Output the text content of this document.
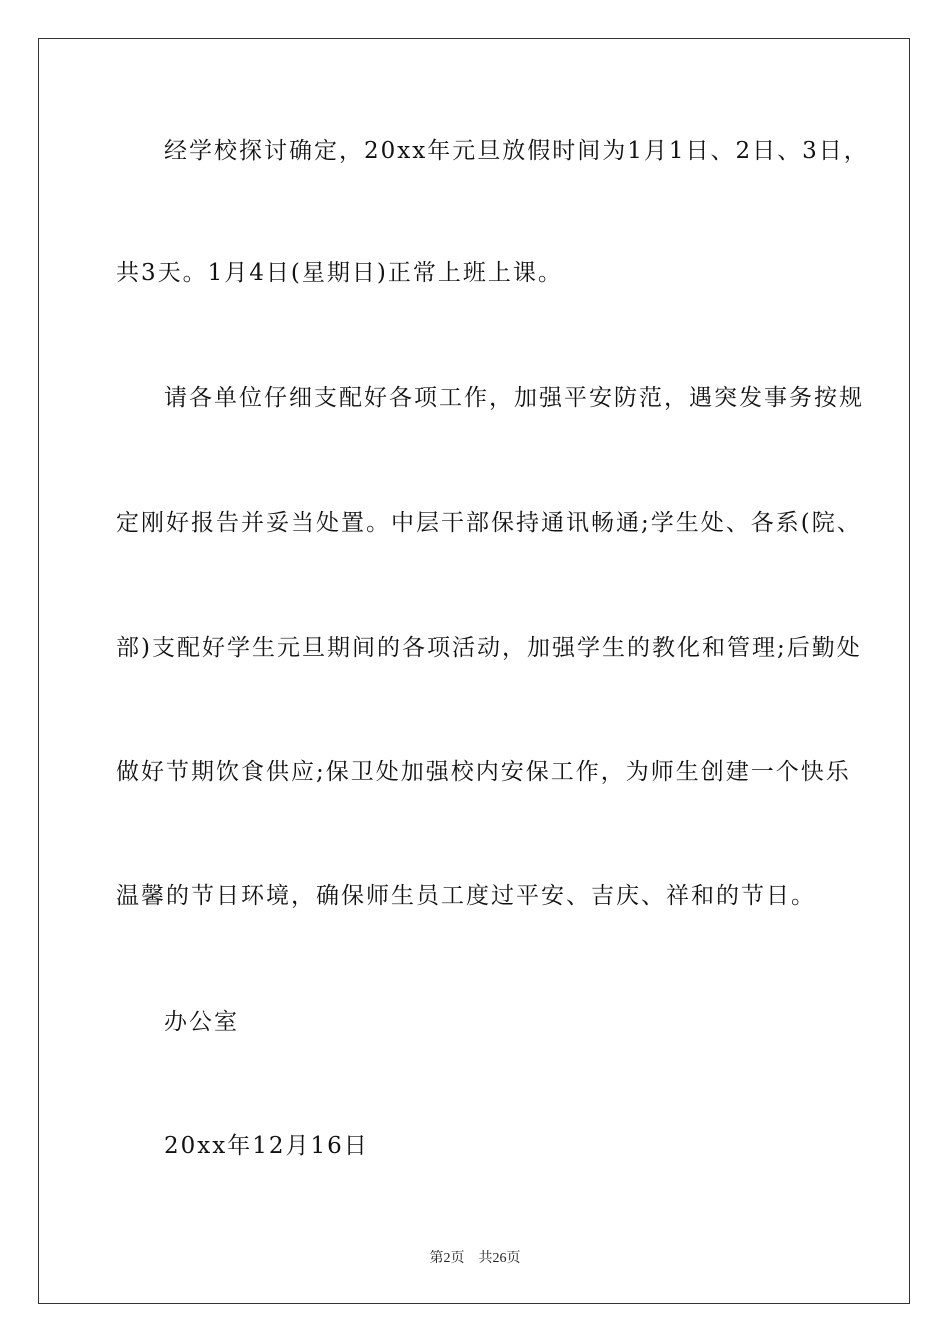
经学校探讨确定，20xx年元旦放假时间为1月1日、2日、3日，
共3天。1月4日(星期日)正常上班上课。
请各单位仔细支配好各项工作，加强平安防范，遇突发事务按规
定刚好报告并妥当处置。中层干部保持通讯畅通;学生处、各系(院、
部)支配好学生元旦期间的各项活动，加强学生的教化和管理;后勤处
做好节期饮食供应;保卫处加强校内安保工作，为师生创建一个快乐
温馨的节日环境，确保师生员工度过平安、吉庆、祥和的节日。
办公室
20xx年12月16日
第2页 共26页
